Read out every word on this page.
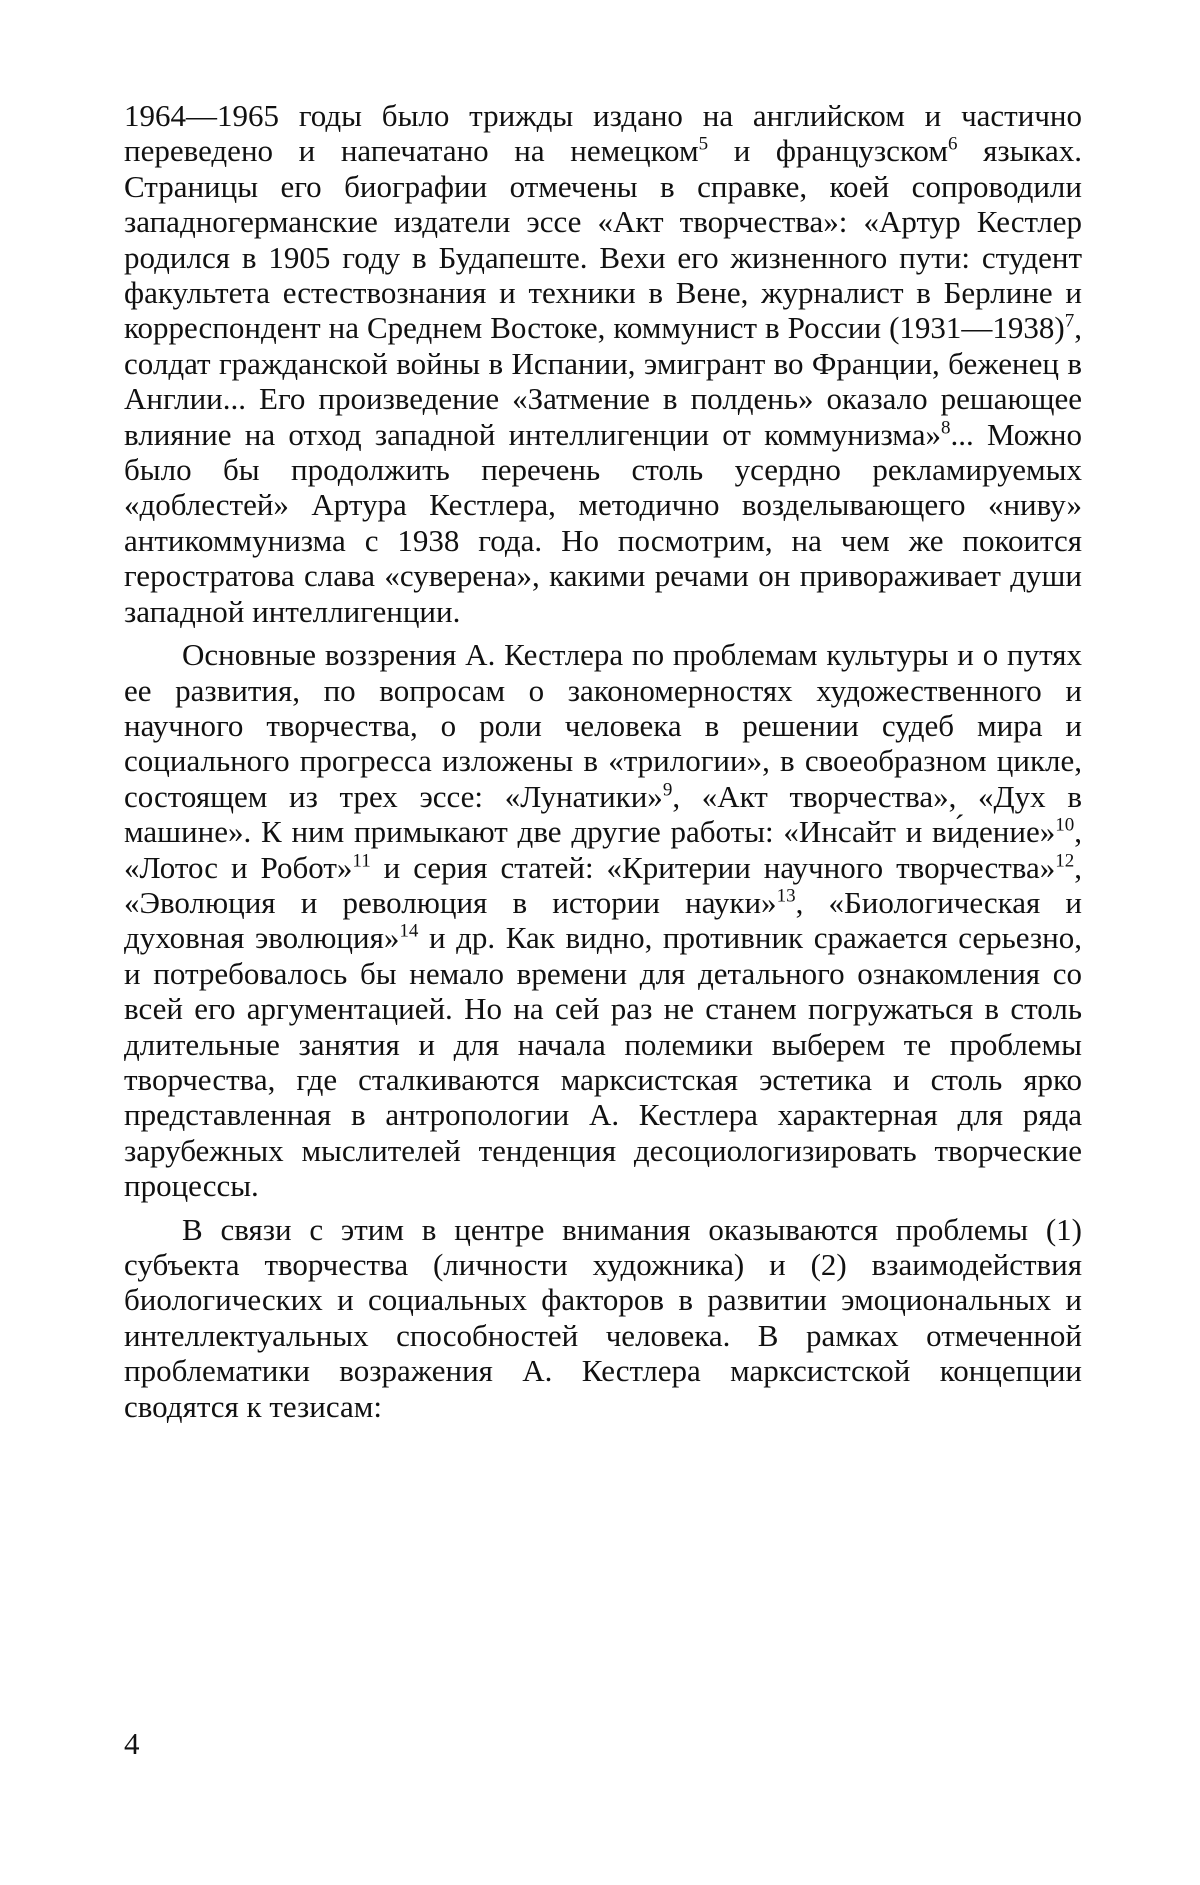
1964—1965 годы было трижды издано на английском и частично переведено и напечатано на немецком$^5$ и французском$^6$ языках. Страницы его биографии отмечены в справке, коей сопроводили западногерманские издатели эссе «Акт творчества»: «Артур Кестлер родился в 1905 году в Будапеште. Вехи его жизненного пути: студент факультета естествознания и техники в Вене, журналист в Берлине и корреспондент на Среднем Востоке, коммунист в России (1931—1938)$^7$, солдат гражданской войны в Испании, эмигрант во Франции, беженец в Англии... Его произведение «Затмение в полдень» оказало решающее влияние на отход западной интеллигенции от коммунизма»$^8$... Можно было бы продолжить перечень столь усердно рекламируемых «доблестей» Артура Кестлера, методично возделывающего «ниву» антикоммунизма с 1938 года. Но посмотрим, на чем же покоится геростратова слава «суверена», какими речами он привораживает души западной интеллигенции.

Основные воззрения А. Кестлера по проблемам культуры и о путях ее развития, по вопросам о закономерностях художественного и научного творчества, о роли человека в решении судеб мира и социального прогресса изложены в «трилогии», в своеобразном цикле, состоящем из трех эссе: «Лунатики»$^9$, «Акт творчества», «Дух в машине». К ним примыкают две другие работы: «Инсайт и ви́дение»$^{10}$, «Лотос и Робот»$^{11}$ и серия статей: «Критерии научного творчества»$^{12}$, «Эволюция и революция в истории науки»$^{13}$, «Биологическая и духовная эволюция»$^{14}$ и др. Как видно, противник сражается серьезно, и потребовалось бы немало времени для детального ознакомления со всей его аргументацией. Но на сей раз не станем погружаться в столь длительные занятия и для начала полемики выберем те проблемы творчества, где сталкиваются марксистская эстетика и столь ярко представленная в антропологии А. Кестлера характерная для ряда зарубежных мыслителей тенденция десоциологизировать творческие процессы.

В связи с этим в центре внимания оказываются проблемы (1) субъекта творчества (личности художника) и (2) взаимодействия биологических и социальных факторов в развитии эмоциональных и интеллектуальных способностей человека. В рамках отмеченной проблематики возражения А. Кестлера марксистской концепции сводятся к тезисам:

4
